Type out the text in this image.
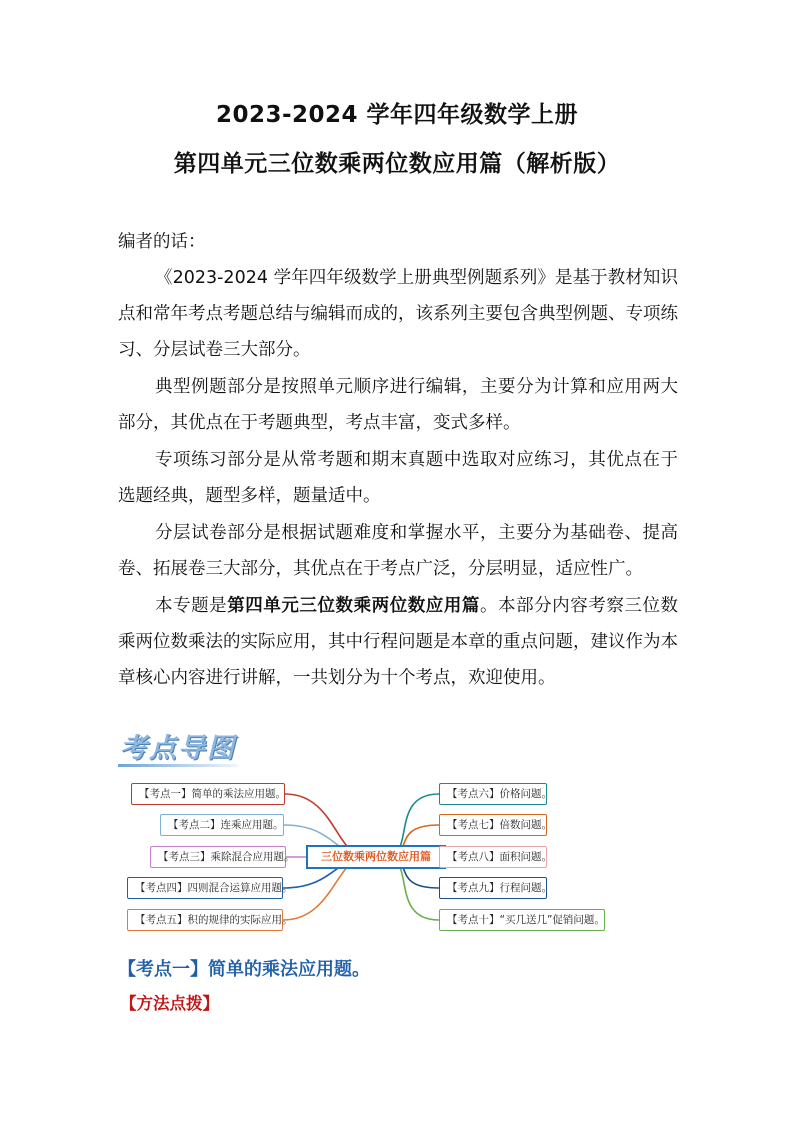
2023-2024 学年四年级数学上册
第四单元三位数乘两位数应用篇（解析版）
编者的话：
《2023-2024 学年四年级数学上册典型例题系列》是基于教材知识点和常年考点考题总结与编辑而成的，该系列主要包含典型例题、专项练习、分层试卷三大部分。
典型例题部分是按照单元顺序进行编辑，主要分为计算和应用两大部分，其优点在于考题典型，考点丰富，变式多样。
专项练习部分是从常考题和期末真题中选取对应练习，其优点在于选题经典，题型多样，题量适中。
分层试卷部分是根据试题难度和掌握水平，主要分为基础卷、提高卷、拓展卷三大部分，其优点在于考点广泛，分层明显，适应性广。
本专题是第四单元三位数乘两位数应用篇。本部分内容考察三位数乘两位数乘法的实际应用，其中行程问题是本章的重点问题，建议作为本章核心内容进行讲解，一共划分为十个考点，欢迎使用。
考点导图
三位数乘两位数应用篇
【考点一】简单的乘法应用题。
【考点二】连乘应用题。
【考点三】乘除混合应用题。
【考点四】四则混合运算应用题。
【考点五】积的规律的实际应用。
【考点六】价格问题。
【考点七】倍数问题。
【考点八】面积问题。
【考点九】行程问题。
【考点十】“买几送几”促销问题。
【考点一】简单的乘法应用题。
【方法点拨】
